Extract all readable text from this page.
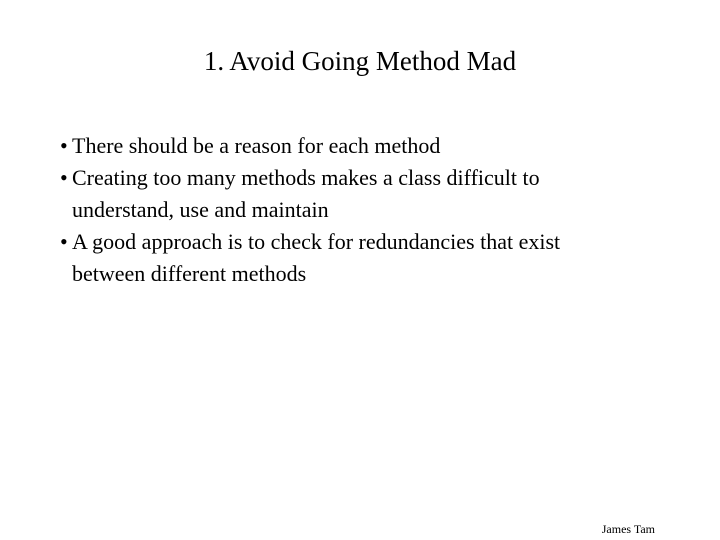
1. Avoid Going Method Mad
• There should be a reason for each method
• Creating too many methods makes a class difficult to understand, use and maintain
• A good approach is to check for redundancies that exist between different methods
James Tam
